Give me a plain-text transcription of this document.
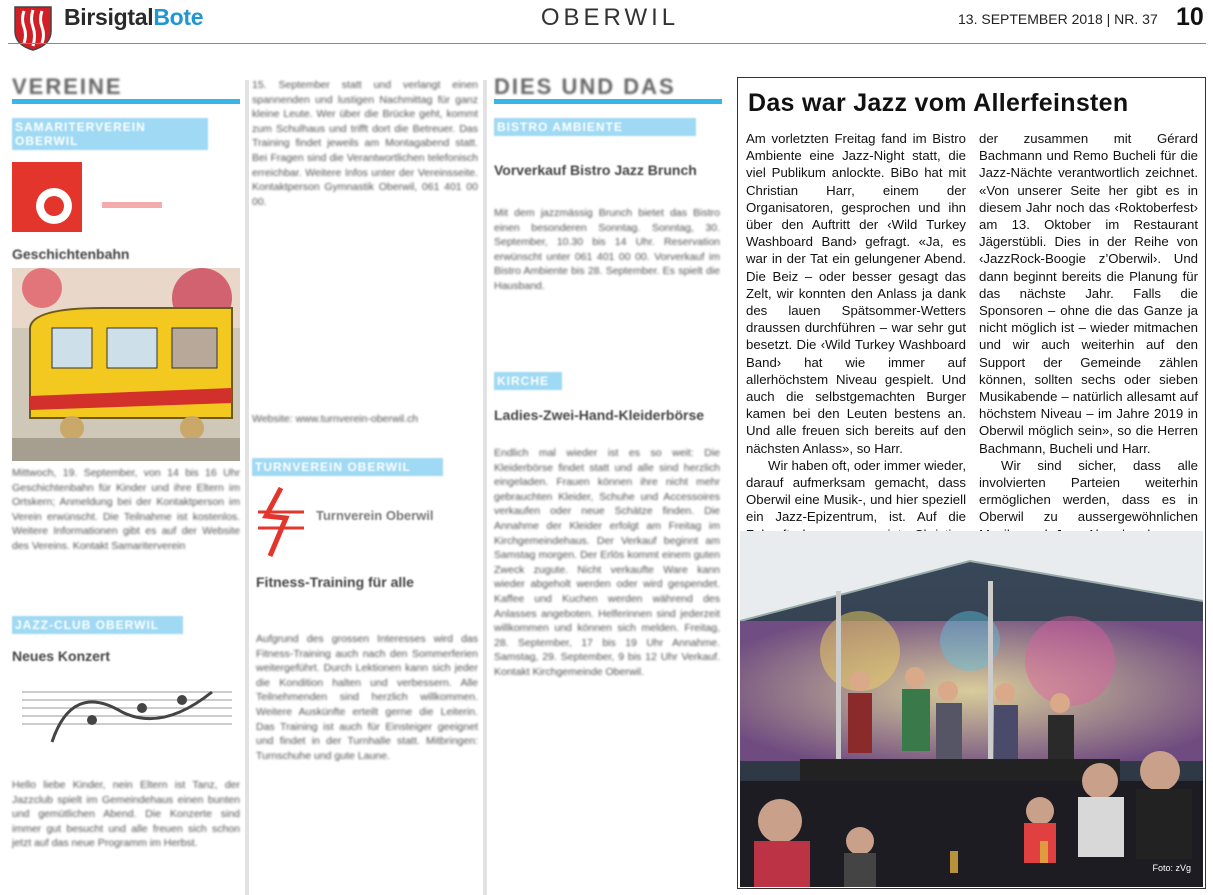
BirsigtalBote	OBERWIL	13. SEPTEMBER 2018 | NR. 37 10
VEREINE
SAMARITERVEREIN OBERWIL
Geschichtenbahn
Mittwoch, 19. September, von 14 bis 16 Uhr Geschichtenbahn für Kinder und ihre Eltern im Ortskern; Anmeldung bei der Kontaktperson im Verein erwünscht. Die Teilnahme ist kostenlos. Weitere Informationen gibt es auf der Website des Vereins. Kontakt Samariterverein
JAZZ-CLUB OBERWIL
Neues Konzert
Hello liebe Kinder, nein Eltern ist Tanz, der Jazzclub spielt im Gemeindehaus einen bunten und gemütlichen Abend. Die Konzerte sind immer gut besucht und alle freuen sich schon jetzt auf das neue Programm im Herbst.
15. September statt und verlangt einen spannenden und lustigen Nachmittag für ganz kleine Leute. Wer über die Brücke geht, kommt zum Schulhaus und trifft dort die Betreuer. Das Training findet jeweils am Montagabend statt. Bei Fragen sind die Verantwortlichen telefonisch erreichbar. Weitere Infos unter der Vereinsseite. Kontaktperson Gymnastik Oberwil, 061 401 00 00.
Website: www.turnverein-oberwil.ch
TURNVEREIN OBERWIL
Turnverein Oberwil
Fitness-Training für alle
Aufgrund des grossen Interesses wird das Fitness-Training auch nach den Sommerferien weitergeführt. Durch Lektionen kann sich jeder die Kondition halten und verbessern. Alle Teilnehmenden sind herzlich willkommen. Weitere Auskünfte erteilt gerne die Leiterin. Das Training ist auch für Einsteiger geeignet und findet in der Turnhalle statt. Mitbringen: Turnschuhe und gute Laune.
DIES UND DAS
BISTRO AMBIENTE
Vorverkauf Bistro Jazz Brunch
Mit dem jazzmässig Brunch bietet das Bistro einen besonderen Sonntag. Sonntag, 30. September, 10.30 bis 14 Uhr. Reservation erwünscht unter 061 401 00 00. Vorverkauf im Bistro Ambiente bis 28. September. Es spielt die Hausband.
KIRCHE
Ladies-Zwei-Hand-Kleiderbörse
Endlich mal wieder ist es so weit: Die Kleiderbörse findet statt und alle sind herzlich eingeladen. Frauen können ihre nicht mehr gebrauchten Kleider, Schuhe und Accessoires verkaufen oder neue Schätze finden. Die Annahme der Kleider erfolgt am Freitag im Kirchgemeindehaus. Der Verkauf beginnt am Samstag morgen. Der Erlös kommt einem guten Zweck zugute. Nicht verkaufte Ware kann wieder abgeholt werden oder wird gespendet. Kaffee und Kuchen werden während des Anlasses angeboten. Helferinnen sind jederzeit willkommen und können sich melden. Freitag, 28. September, 17 bis 19 Uhr Annahme. Samstag, 29. September, 9 bis 12 Uhr Verkauf. Kontakt Kirchgemeinde Oberwil.
Das war Jazz vom Allerfeinsten

Am vorletzten Freitag fand im Bistro Ambiente eine Jazz-Night statt, die viel Publikum anlockte. BiBo hat mit Christian Harr, einem der Organisatoren, gesprochen und ihn über den Auftritt der ‹Wild Turkey Washboard Band› gefragt. «Ja, es war in der Tat ein gelungener Abend. Die Beiz – oder besser gesagt das Zelt, wir konnten den Anlass ja dank des lauen Spätsommer-Wetters draussen durchführen – war sehr gut besetzt. Die ‹Wild Turkey Washboard Band› hat wie immer auf allerhöchstem Niveau gespielt. Und auch die selbstgemachten Burger kamen bei den Leuten bestens an. Und alle freuen sich bereits auf den nächsten Anlass», so Harr.

Wir haben oft, oder immer wieder, darauf aufmerksam gemacht, dass Oberwil eine Musik-, und hier speziell ein Jazz-Epizentrum, ist. Auf die

der zusammen mit Gérard Bachmann und Remo Bucheli für die Jazz-Nächte verantwortlich zeichnet. «Von unserer Seite her gibt es in diesem Jahr noch das ‹Roktoberfest› am 13. Oktober im Restaurant Jägerstübli. Dies in der Reihe von ‹JazzRock-Boogie z’Oberwil›. Und dann beginnt bereits die Planung für das nächste Jahr. Falls die Sponsoren – ohne die das Ganze ja nicht möglich ist – wieder mitmachen und wir auch weiterhin auf den Support der Gemeinde zählen können, sollten sechs oder sieben Musikabende – natürlich allesamt auf höchstem Niveau – im Jahre 2019 in Oberwil möglich sein», so die Herren Bachmann, Bucheli und Harr.

Wir sind sicher, dass alle involvierten Parteien weiterhin ermöglichen werden, dass es in Oberwil zu aussergewöhnlichen

Foto: zVg
